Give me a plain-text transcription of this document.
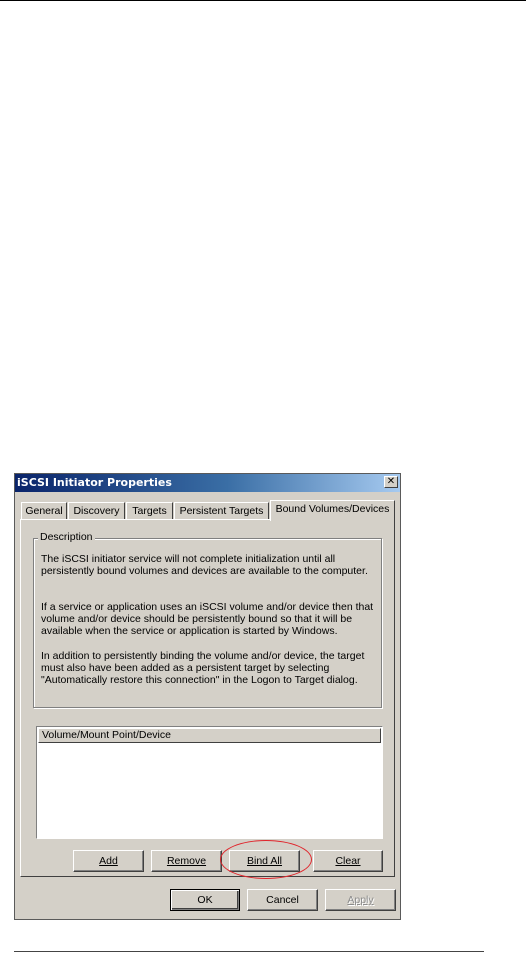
iSCSI Initiator Properties	✕
General	Discovery	Targets	Persistent Targets	Bound Volumes/Devices
Description

The iSCSI initiator service will not complete initialization until all persistently bound volumes and devices are available to the computer.

If a service or application uses an iSCSI volume and/or device then that volume and/or device should be persistently bound so that it will be available when the service or application is started by Windows.

In addition to persistently binding the volume and/or device, the target must also have been added as a persistent target by selecting "Automatically restore this connection" in the Logon to Target dialog.

Volume/Mount Point/Device
Add	Remove	Bind All	Clear
OK	Cancel	Apply
